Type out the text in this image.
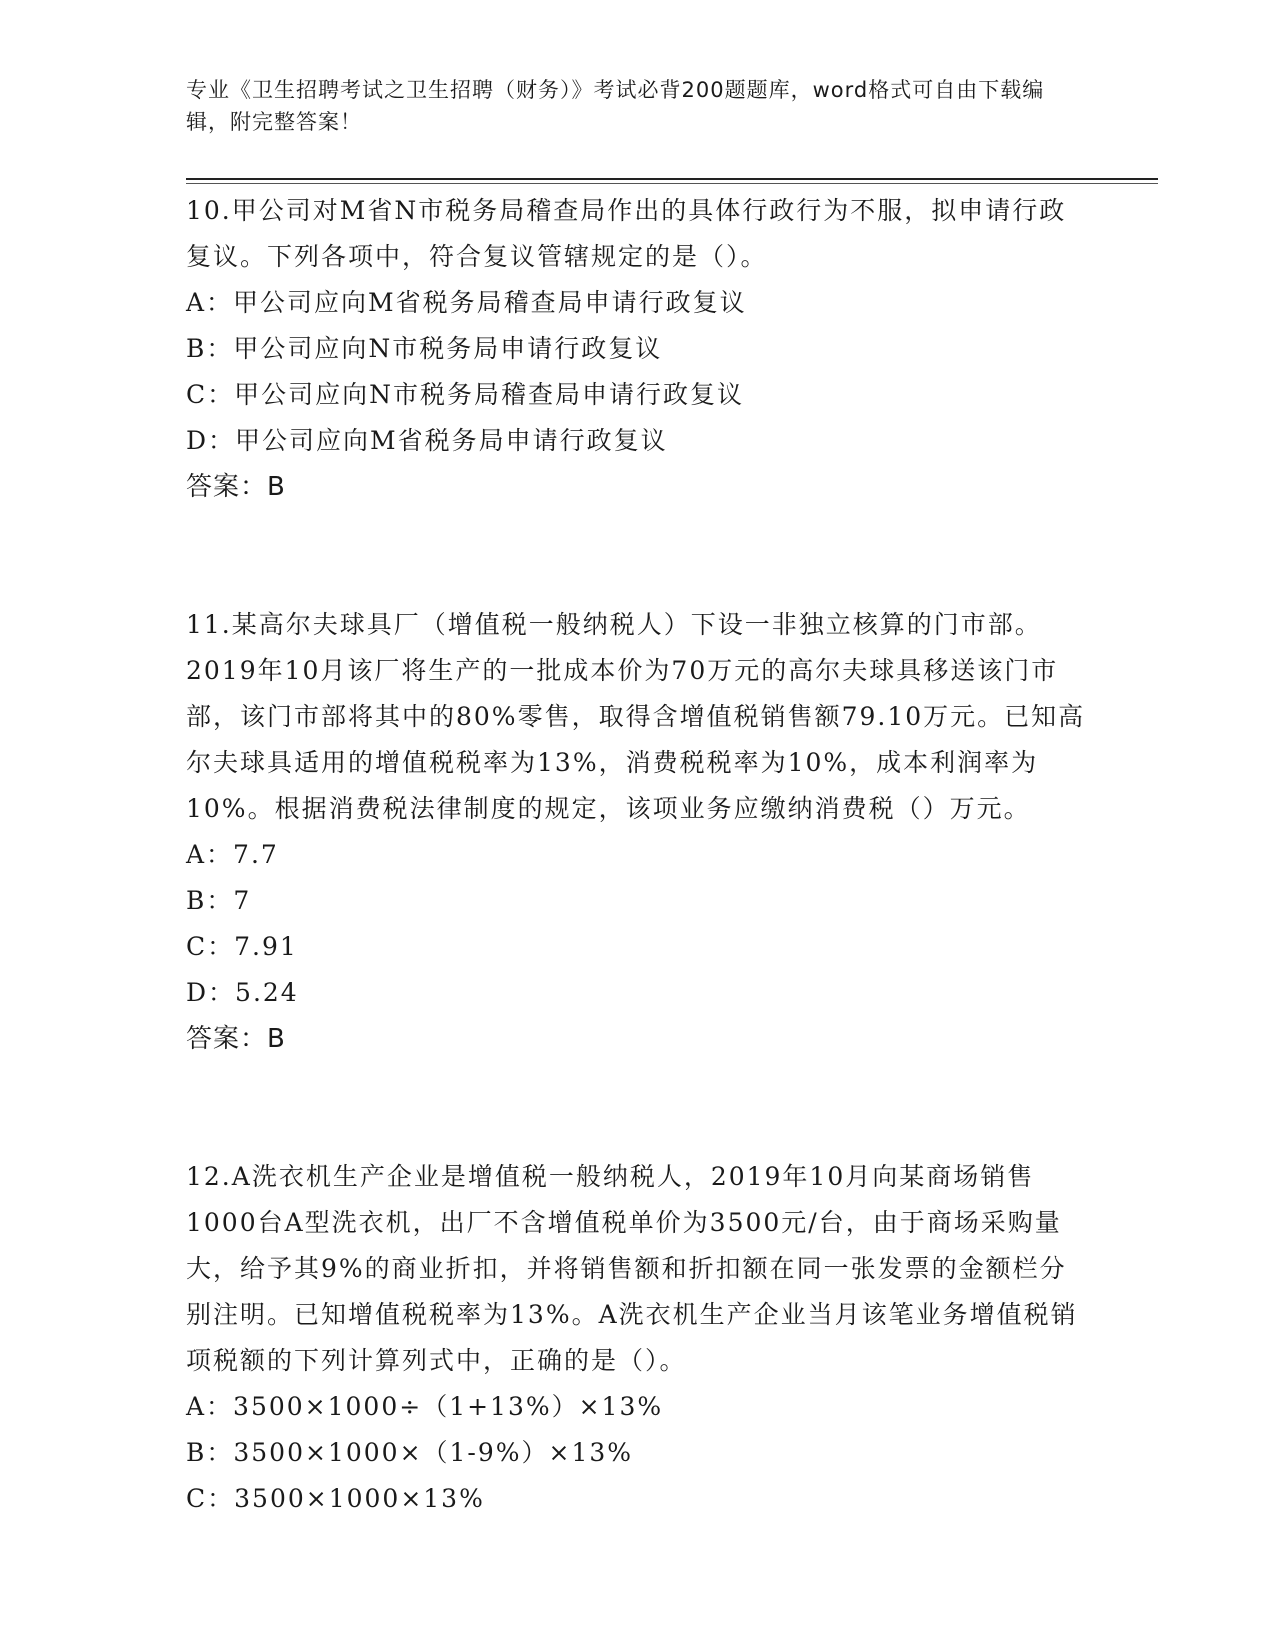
专业《卫生招聘考试之卫生招聘（财务）》考试必背200题题库，word格式可自由下载编辑，附完整答案！

10.甲公司对M省N市税务局稽查局作出的具体行政行为不服，拟申请行政复议。下列各项中，符合复议管辖规定的是（）。

A：甲公司应向M省税务局稽查局申请行政复议

B：甲公司应向N市税务局申请行政复议

C：甲公司应向N市税务局稽查局申请行政复议

D：甲公司应向M省税务局申请行政复议

答案：B

11.某高尔夫球具厂（增值税一般纳税人）下设一非独立核算的门市部。2019年10月该厂将生产的一批成本价为70万元的高尔夫球具移送该门市部，该门市部将其中的80%零售，取得含增值税销售额79.10万元。已知高尔夫球具适用的增值税税率为13%，消费税税率为10%，成本利润率为10%。根据消费税法律制度的规定，该项业务应缴纳消费税（）万元。

A：7.7

B：7

C：7.91

D：5.24

答案：B

12.A洗衣机生产企业是增值税一般纳税人，2019年10月向某商场销售1000台A型洗衣机，出厂不含增值税单价为3500元/台，由于商场采购量大，给予其9%的商业折扣，并将销售额和折扣额在同一张发票的金额栏分别注明。已知增值税税率为13%。A洗衣机生产企业当月该笔业务增值税销项税额的下列计算列式中，正确的是（）。

A：3500×1000÷（1+13%）×13%

B：3500×1000×（1-9%）×13%

C：3500×1000×13%
